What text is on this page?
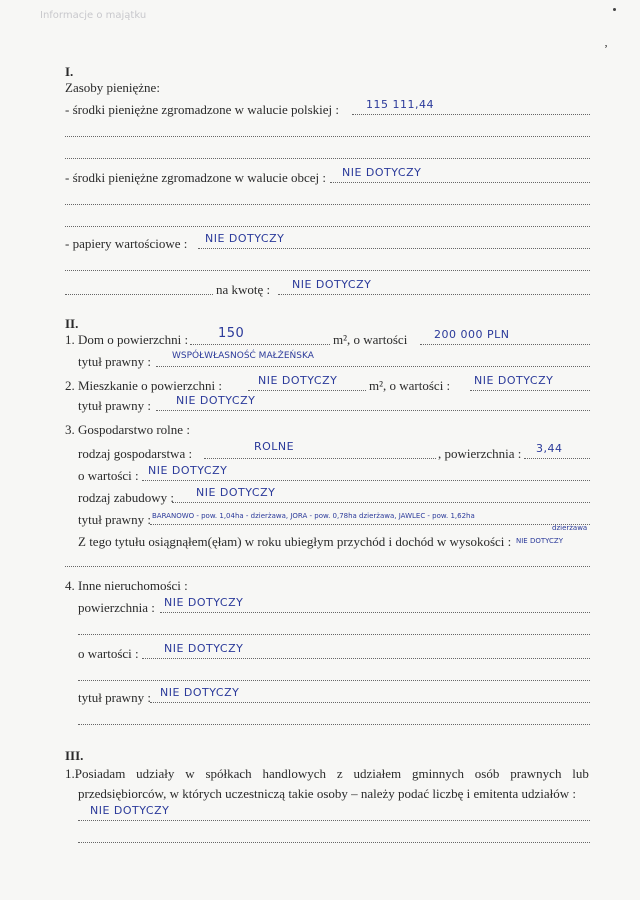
Informacje o majątku
ʼ
I.
Zasoby pieniężne:
- środki pieniężne zgromadzone w walucie polskiej : 115 111,44
- środki pieniężne zgromadzone w walucie obcej : NIE DOTYCZY
- papiery wartościowe : NIE DOTYCZY
na kwotę : NIE DOTYCZY
II.
1. Dom o powierzchni : 150	m², o wartości 200 000 PLN
tytuł prawny : WSPÓŁWŁASNOŚĆ MAŁŻEŃSKA
2. Mieszkanie o powierzchni :	NIE DOTYCZY m², o wartości : NIE DOTYCZY
tytuł prawny : NIE DOTYCZY
3. Gospodarstwo rolne :
rodzaj gospodarstwa :	ROLNE	, powierzchnia : 3,44
o wartości : NIE DOTYCZY
rodzaj zabudowy : NIE DOTYCZY
tytuł prawny : BARANOWO - pow. 1,04ha - dzierżawa, JORA - pow. 0,78ha dzierżawa, JAWLEC - pow. 1,62ha
dzierżawa
Z tego tytułu osiągnąłem(ęłam) w roku ubiegłym przychód i dochód w wysokości : NIE DOTYCZY
4. Inne nieruchomości :
powierzchnia : NIE DOTYCZY
o wartości : NIE DOTYCZY
tytuł prawny : NIE DOTYCZY
III.
1.Posiadam udziały w spółkach handlowych z udziałem gminnych osób prawnych lub
przedsiębiorców, w których uczestniczą takie osoby – należy podać liczbę i emitenta udziałów :
NIE DOTYCZY
